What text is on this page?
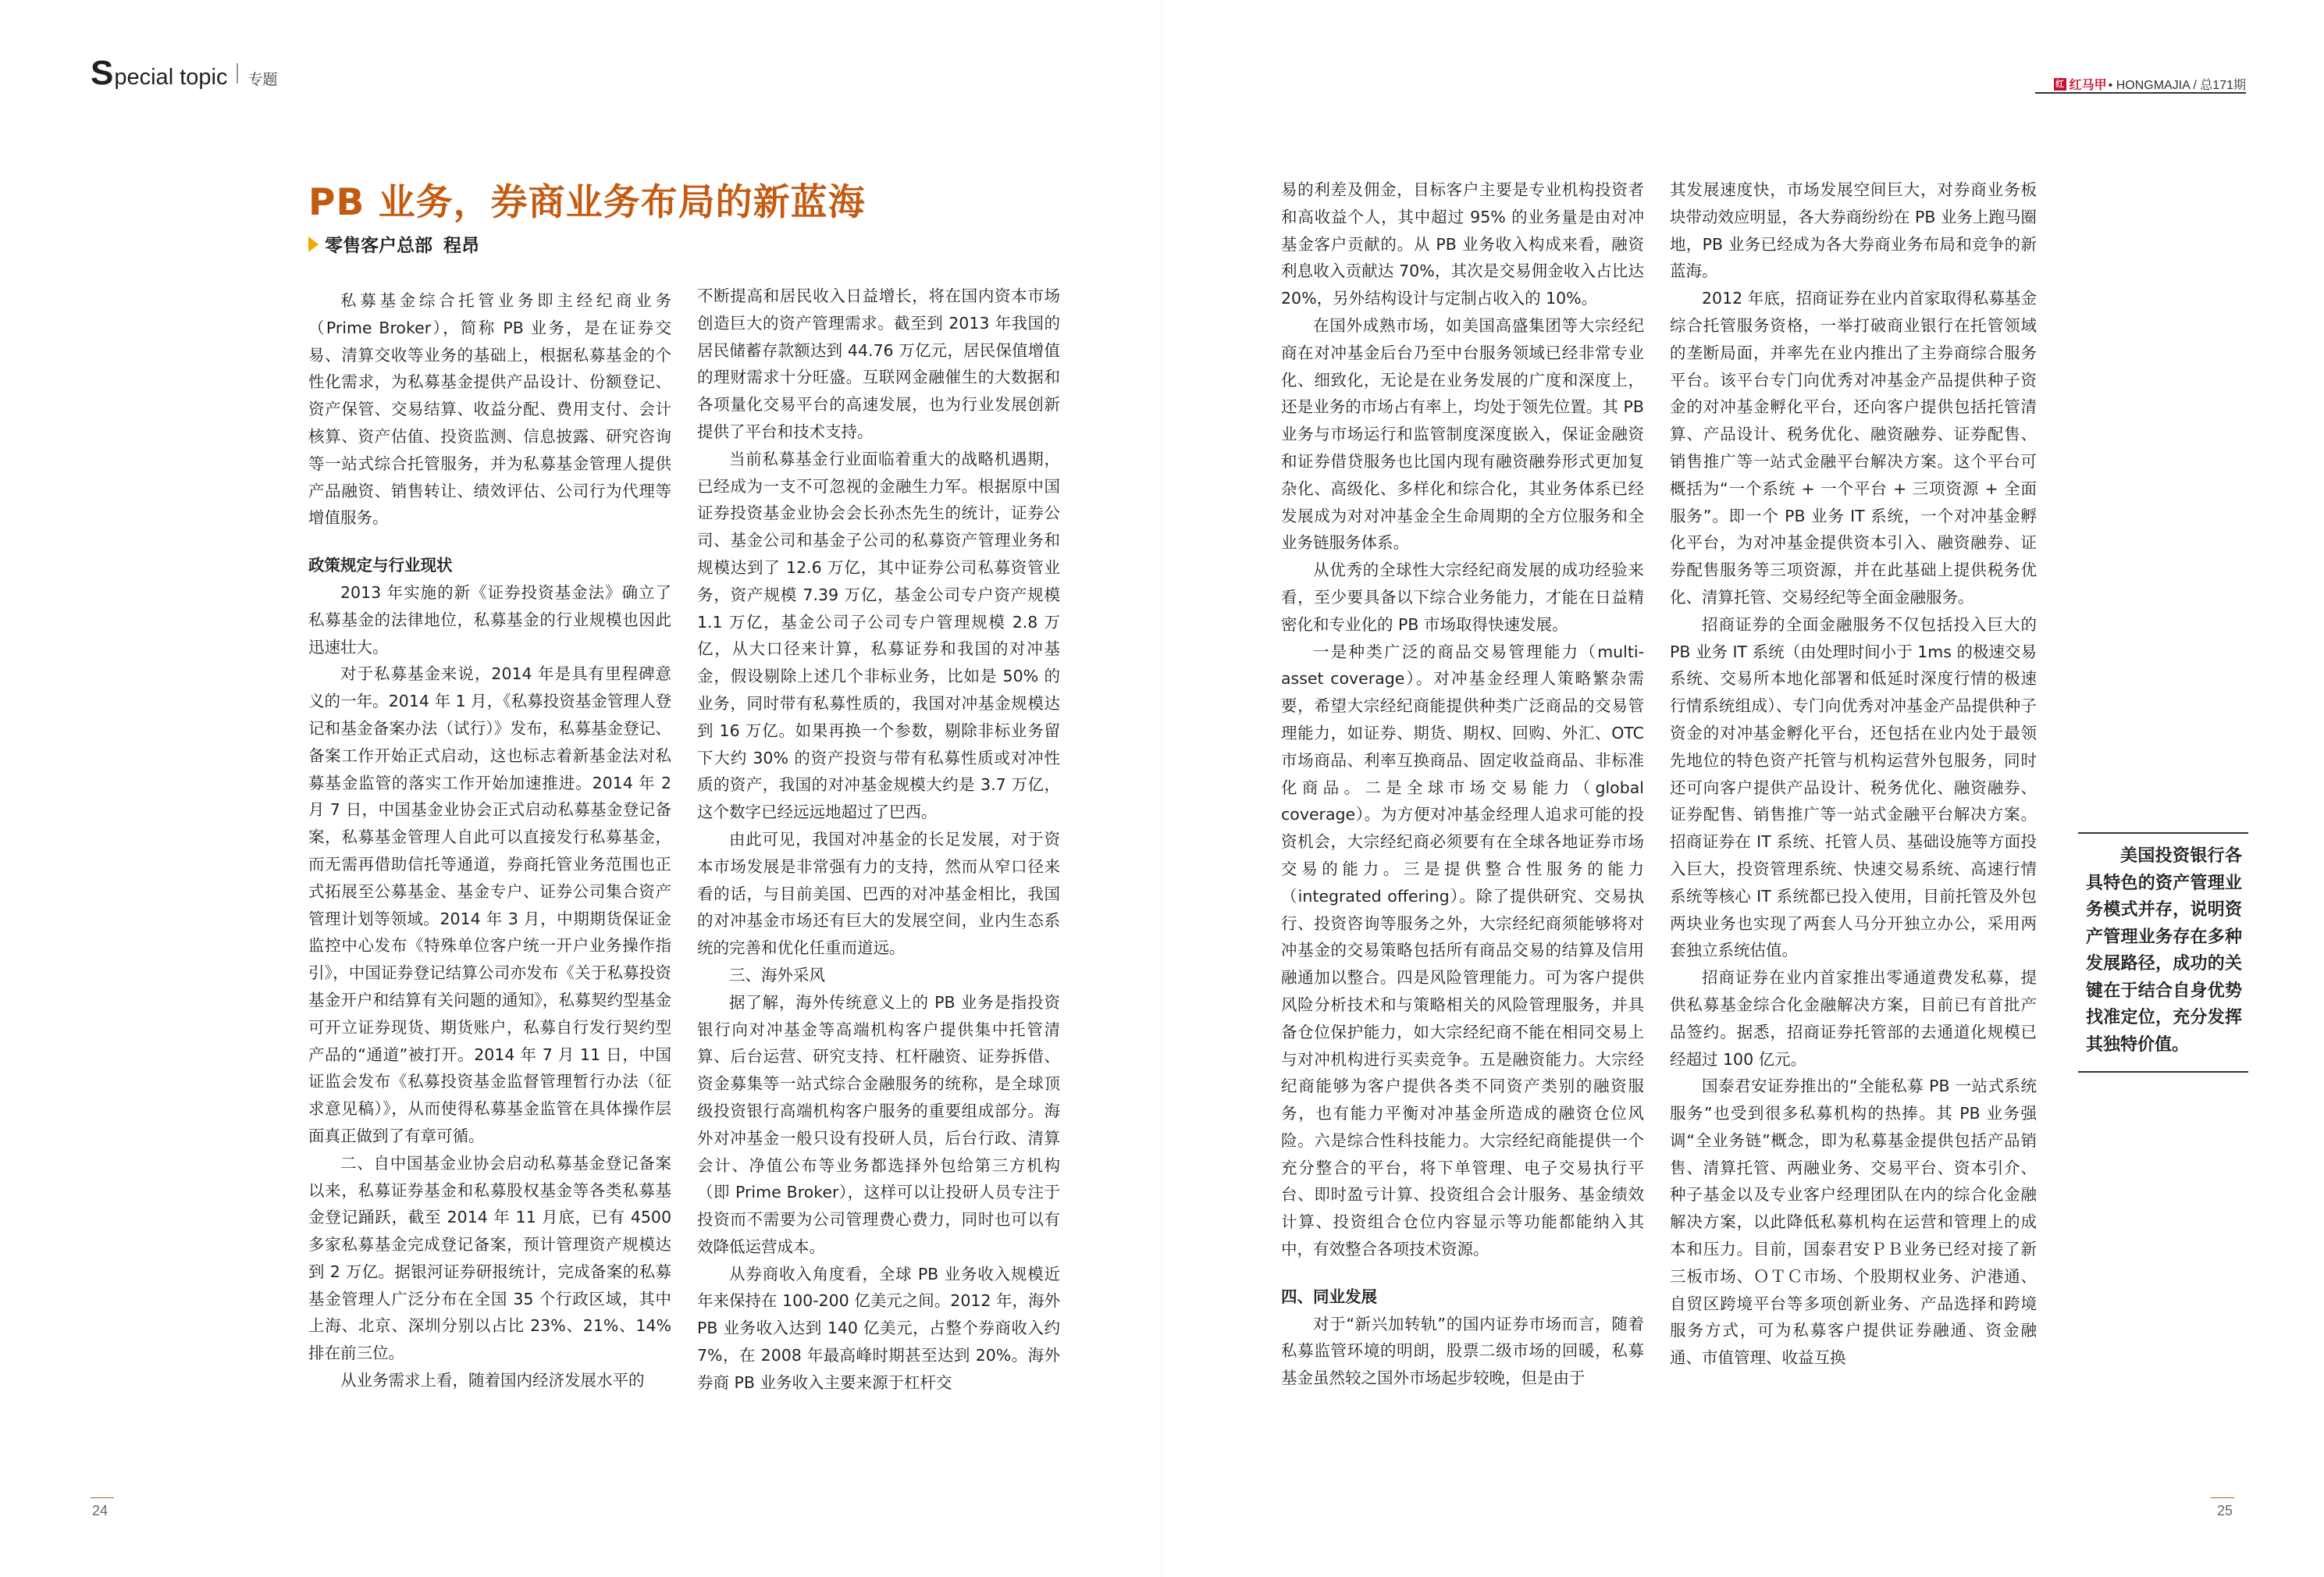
S pecial topic 专题	红 红马甲 • HONGMAJIA / 总171期
PB 业务，券商业务布局的新蓝海
零售客户总部 程昂

私募基金综合托管业务即主经纪商业务（Prime Broker），简称 PB 业务，是在证券交易、清算交收等业务的基础上，根据私募基金的个性化需求，为私募基金提供产品设计、份额登记、资产保管、交易结算、收益分配、费用支付、会计核算、资产估值、投资监测、信息披露、研究咨询等一站式综合托管服务，并为私募基金管理人提供产品融资、销售转让、绩效评估、公司行为代理等增值服务。

政策规定与行业现状

2013 年实施的新《证券投资基金法》确立了私募基金的法律地位，私募基金的行业规模也因此迅速壮大。

对于私募基金来说，2014 年是具有里程碑意义的一年。2014 年 1 月，《私募投资基金管理人登记和基金备案办法（试行）》发布，私募基金登记、备案工作开始正式启动，这也标志着新基金法对私募基金监管的落实工作开始加速推进。2014 年 2 月 7 日，中国基金业协会正式启动私募基金登记备案，私募基金管理人自此可以直接发行私募基金，而无需再借助信托等通道，券商托管业务范围也正式拓展至公募基金、基金专户、证券公司集合资产管理计划等领域。2014 年 3 月，中期期货保证金监控中心发布《特殊单位客户统一开户业务操作指引》，中国证券登记结算公司亦发布《关于私募投资基金开户和结算有关问题的通知》，私募契约型基金可开立证券现货、期货账户，私募自行发行契约型产品的“通道”被打开。2014 年 7 月 11 日，中国证监会发布《私募投资基金监督管理暂行办法（征求意见稿）》，从而使得私募基金监管在具体操作层面真正做到了有章可循。

二、自中国基金业协会启动私募基金登记备案以来，私募证券基金和私募股权基金等各类私募基金登记踊跃，截至 2014 年 11 月底，已有 4500 多家私募基金完成登记备案，预计管理资产规模达到 2 万亿。据银河证券研报统计，完成备案的私募基金管理人广泛分布在全国 35 个行政区域，其中上海、北京、深圳分别以占比 23%、21%、14% 排在前三位。

从业务需求上看，随着国内经济发展水平的

不断提高和居民收入日益增长，将在国内资本市场创造巨大的资产管理需求。截至到 2013 年我国的居民储蓄存款额达到 44.76 万亿元，居民保值增值的理财需求十分旺盛。互联网金融催生的大数据和各项量化交易平台的高速发展，也为行业发展创新提供了平台和技术支持。

当前私募基金行业面临着重大的战略机遇期，已经成为一支不可忽视的金融生力军。根据原中国证券投资基金业协会会长孙杰先生的统计，证券公司、基金公司和基金子公司的私募资产管理业务和规模达到了 12.6 万亿，其中证券公司私募资管业务，资产规模 7.39 万亿，基金公司专户资产规模 1.1 万亿，基金公司子公司专户管理规模 2.8 万亿，从大口径来计算，私募证券和我国的对冲基金，假设剔除上述几个非标业务，比如是 50% 的业务，同时带有私募性质的，我国对冲基金规模达到 16 万亿。如果再换一个参数，剔除非标业务留下大约 30% 的资产投资与带有私募性质或对冲性质的资产，我国的对冲基金规模大约是 3.7 万亿，这个数字已经远远地超过了巴西。

由此可见，我国对冲基金的长足发展，对于资本市场发展是非常强有力的支持，然而从窄口径来看的话，与目前美国、巴西的对冲基金相比，我国的对冲基金市场还有巨大的发展空间，业内生态系统的完善和优化任重而道远。

三、海外采风

据了解，海外传统意义上的 PB 业务是指投资银行向对冲基金等高端机构客户提供集中托管清算、后台运营、研究支持、杠杆融资、证券拆借、资金募集等一站式综合金融服务的统称，是全球顶级投资银行高端机构客户服务的重要组成部分。海外对冲基金一般只设有投研人员，后台行政、清算会计、净值公布等业务都选择外包给第三方机构（即 Prime Broker），这样可以让投研人员专注于投资而不需要为公司管理费心费力，同时也可以有效降低运营成本。

从券商收入角度看，全球 PB 业务收入规模近年来保持在 100-200 亿美元之间。2012 年，海外 PB 业务收入达到 140 亿美元，占整个券商收入约 7%，在 2008 年最高峰时期甚至达到 20%。海外券商 PB 业务收入主要来源于杠杆交

易的利差及佣金，目标客户主要是专业机构投资者和高收益个人，其中超过 95% 的业务量是由对冲基金客户贡献的。从 PB 业务收入构成来看，融资利息收入贡献达 70%，其次是交易佣金收入占比达 20%，另外结构设计与定制占收入的 10%。

在国外成熟市场，如美国高盛集团等大宗经纪商在对冲基金后台乃至中台服务领域已经非常专业化、细致化，无论是在业务发展的广度和深度上，还是业务的市场占有率上，均处于领先位置。其 PB 业务与市场运行和监管制度深度嵌入，保证金融资和证券借贷服务也比国内现有融资融券形式更加复杂化、高级化、多样化和综合化，其业务体系已经发展成为对对冲基金全生命周期的全方位服务和全业务链服务体系。

从优秀的全球性大宗经纪商发展的成功经验来看，至少要具备以下综合业务能力，才能在日益精密化和专业化的 PB 市场取得快速发展。

一是种类广泛的商品交易管理能力（multi-asset coverage）。对冲基金经理人策略繁杂需要，希望大宗经纪商能提供种类广泛商品的交易管理能力，如证券、期货、期权、回购、外汇、OTC 市场商品、利率互换商品、固定收益商品、非标准化商品。二是全球市场交易能力（global coverage）。为方便对冲基金经理人追求可能的投资机会，大宗经纪商必须要有在全球各地证券市场交易的能力。三是提供整合性服务的能力（integrated offering）。除了提供研究、交易执行、投资咨询等服务之外，大宗经纪商须能够将对冲基金的交易策略包括所有商品交易的结算及信用融通加以整合。四是风险管理能力。可为客户提供风险分析技术和与策略相关的风险管理服务，并具备仓位保护能力，如大宗经纪商不能在相同交易上与对冲机构进行买卖竞争。五是融资能力。大宗经纪商能够为客户提供各类不同资产类别的融资服务，也有能力平衡对冲基金所造成的融资仓位风险。六是综合性科技能力。大宗经纪商能提供一个充分整合的平台，将下单管理、电子交易执行平台、即时盈亏计算、投资组合会计服务、基金绩效计算、投资组合仓位内容显示等功能都能纳入其中，有效整合各项技术资源。

四、同业发展

对于“新兴加转轨”的国内证券市场而言，随着私募监管环境的明朗，股票二级市场的回暖，私募基金虽然较之国外市场起步较晚，但是由于

其发展速度快，市场发展空间巨大，对券商业务板块带动效应明显，各大券商纷纷在 PB 业务上跑马圈地，PB 业务已经成为各大券商业务布局和竞争的新蓝海。

2012 年底，招商证券在业内首家取得私募基金综合托管服务资格，一举打破商业银行在托管领域的垄断局面，并率先在业内推出了主券商综合服务平台。该平台专门向优秀对冲基金产品提供种子资金的对冲基金孵化平台，还向客户提供包括托管清算、产品设计、税务优化、融资融券、证券配售、销售推广等一站式金融平台解决方案。这个平台可概括为“一个系统 + 一个平台 + 三项资源 + 全面服务”。即一个 PB 业务 IT 系统，一个对冲基金孵化平台，为对冲基金提供资本引入、融资融券、证券配售服务等三项资源，并在此基础上提供税务优化、清算托管、交易经纪等全面金融服务。

招商证券的全面金融服务不仅包括投入巨大的 PB 业务 IT 系统（由处理时间小于 1ms 的极速交易系统、交易所本地化部署和低延时深度行情的极速行情系统组成）、专门向优秀对冲基金产品提供种子资金的对冲基金孵化平台，还包括在业内处于最领先地位的特色资产托管与机构运营外包服务，同时还可向客户提供产品设计、税务优化、融资融券、证券配售、销售推广等一站式金融平台解决方案。招商证券在 IT 系统、托管人员、基础设施等方面投入巨大，投资管理系统、快速交易系统、高速行情系统等核心 IT 系统都已投入使用，目前托管及外包两块业务也实现了两套人马分开独立办公，采用两套独立系统估值。

招商证券在业内首家推出零通道费发私募，提供私募基金综合化金融解决方案，目前已有首批产品签约。据悉，招商证券托管部的去通道化规模已经超过 100 亿元。

国泰君安证券推出的“全能私募 PB 一站式系统服务”也受到很多私募机构的热捧。其 PB 业务强调“全业务链”概念，即为私募基金提供包括产品销售、清算托管、两融业务、交易平台、资本引介、种子基金以及专业客户经理团队在内的综合化金融解决方案，以此降低私募机构在运营和管理上的成本和压力。目前，国泰君安ＰＢ业务已经对接了新三板市场、ＯＴＣ市场、个股期权业务、沪港通、自贸区跨境平台等多项创新业务、产品选择和跨境服务方式，可为私募客户提供证券融通、资金融通、市值管理、收益互换

美国投资银行各具特色的资产管理业务模式并存，说明资产管理业务存在多种发展路径，成功的关键在于结合自身优势找准定位，充分发挥其独特价值。

24	25
